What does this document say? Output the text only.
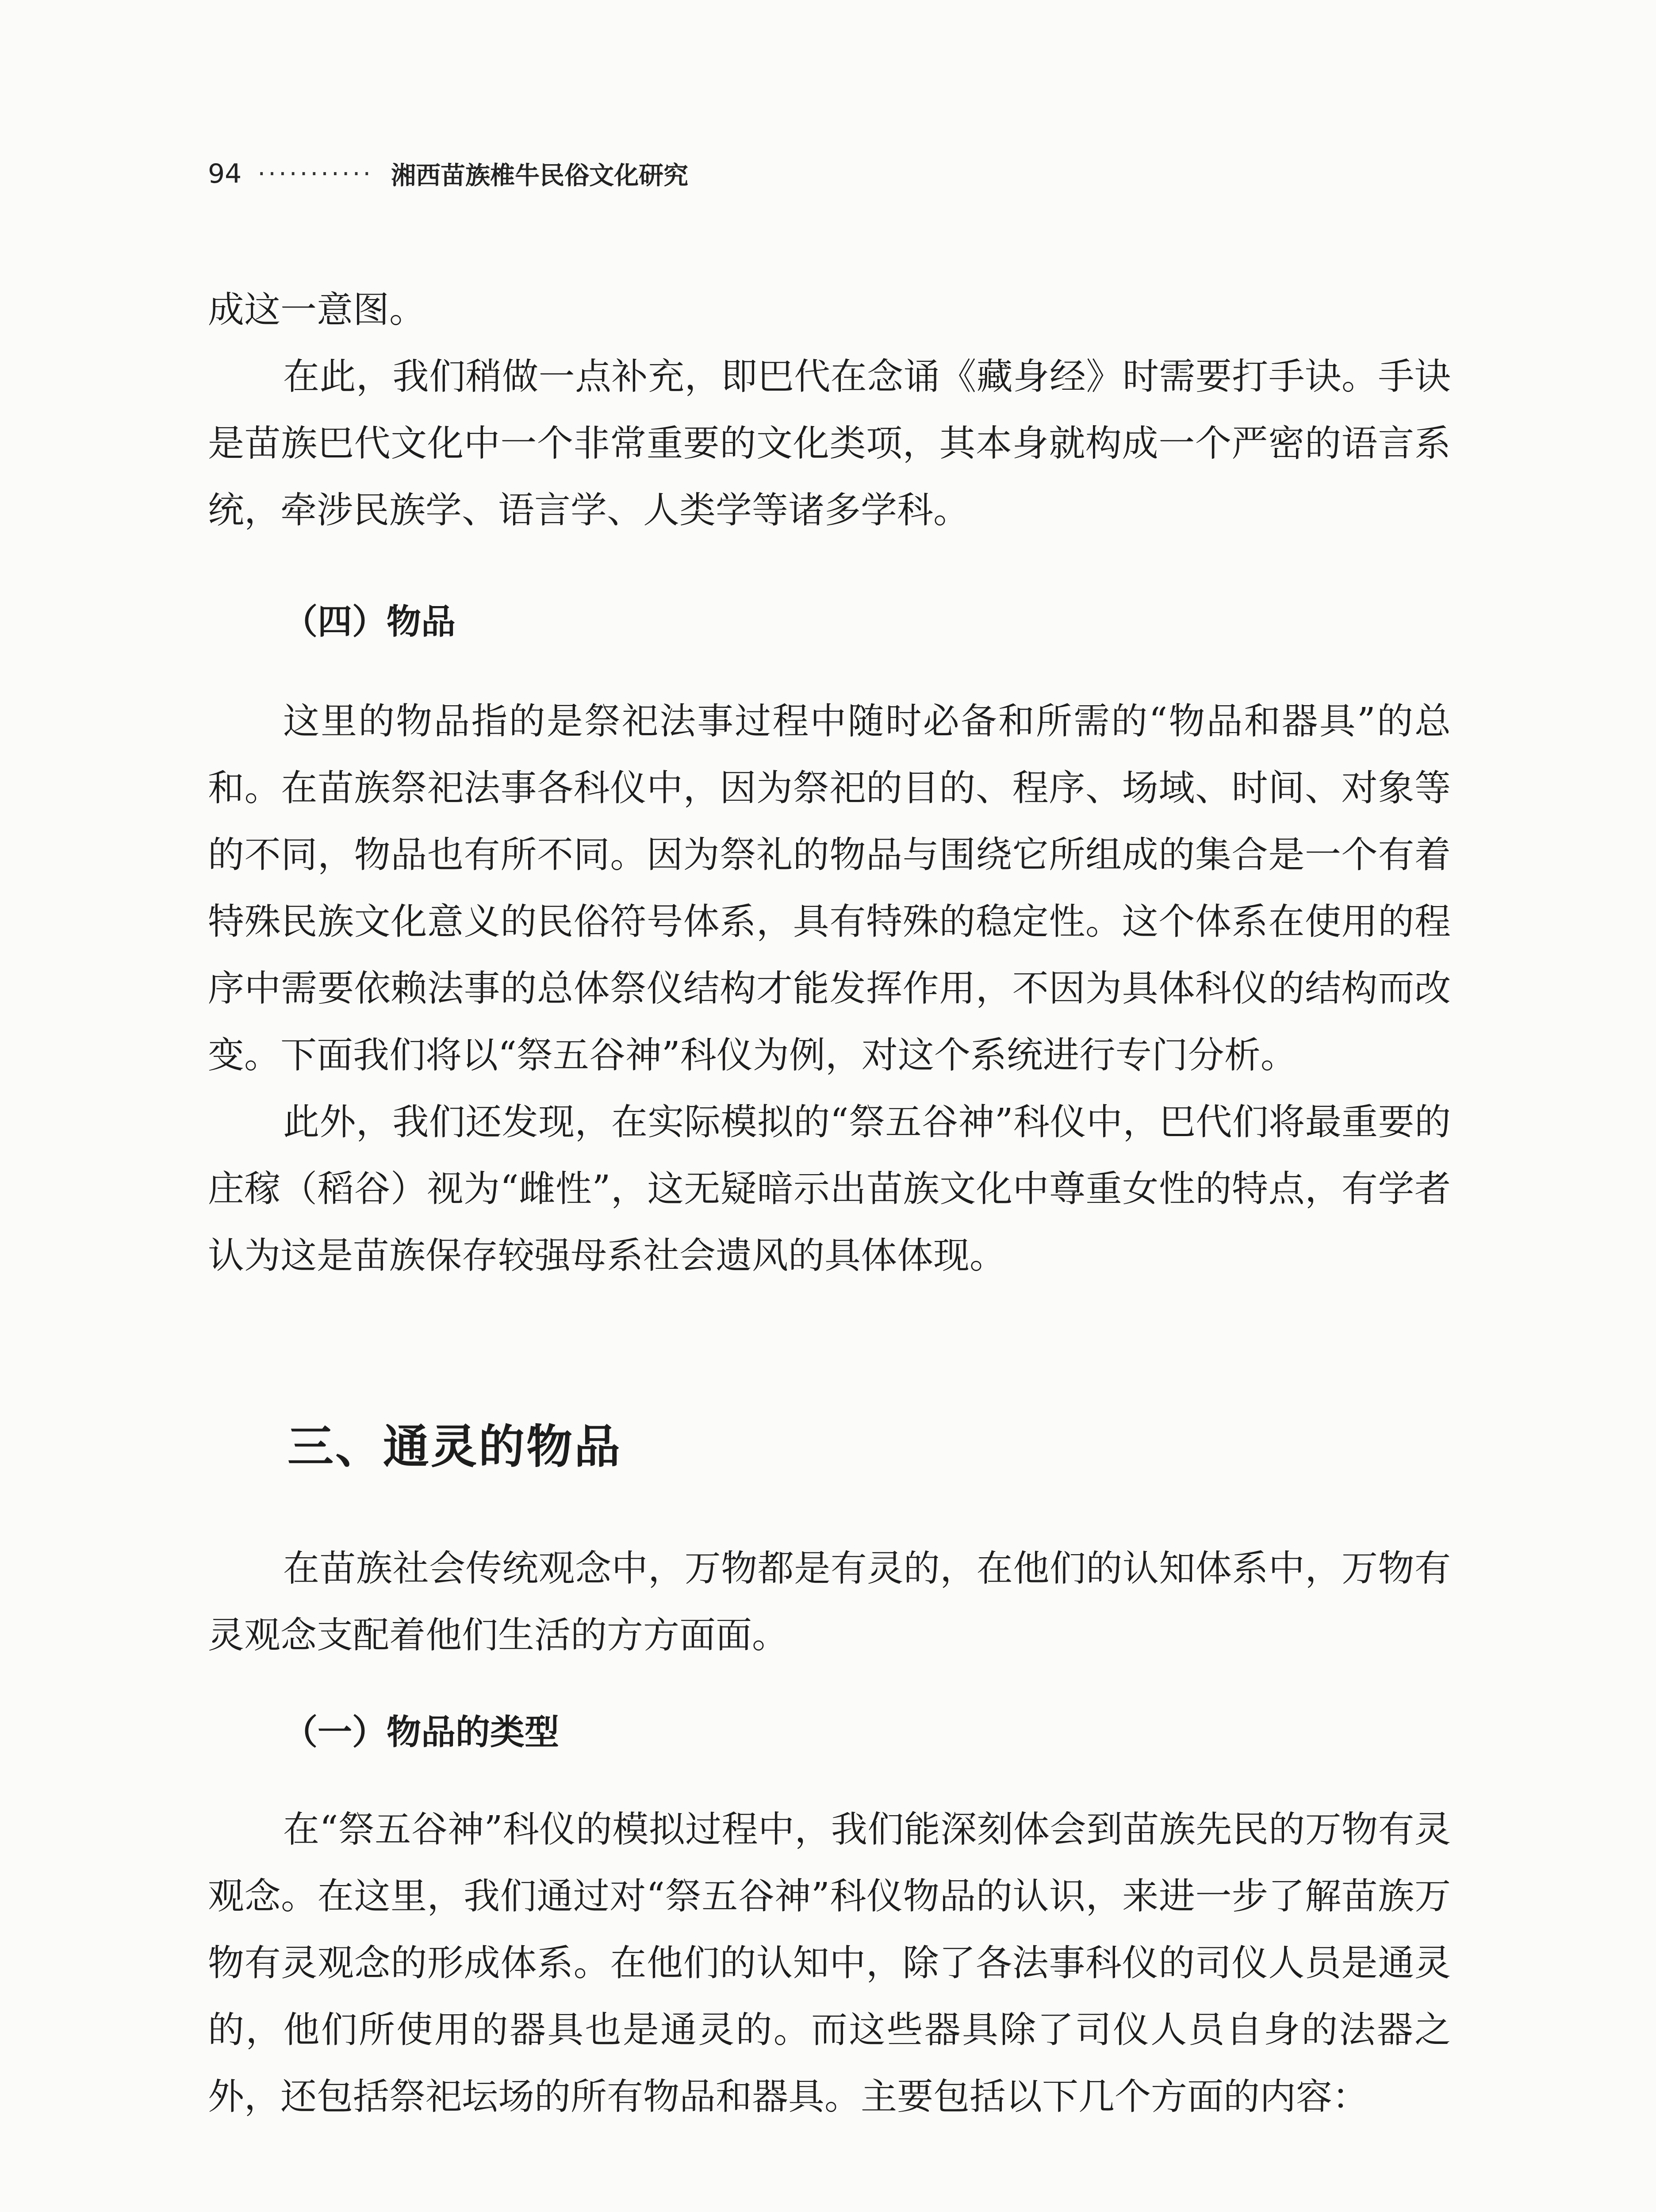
94 ··········· 湘西苗族椎牛民俗文化研究

成这一意图。

在此，我们稍做一点补充，即巴代在念诵《藏身经》时需要打手诀。手诀是苗族巴代文化中一个非常重要的文化类项，其本身就构成一个严密的语言系统，牵涉民族学、语言学、人类学等诸多学科。

（四）物品

这里的物品指的是祭祀法事过程中随时必备和所需的“物品和器具”的总和。在苗族祭祀法事各科仪中，因为祭祀的目的、程序、场域、时间、对象等的不同，物品也有所不同。因为祭礼的物品与围绕它所组成的集合是一个有着特殊民族文化意义的民俗符号体系，具有特殊的稳定性。这个体系在使用的程序中需要依赖法事的总体祭仪结构才能发挥作用，不因为具体科仪的结构而改变。下面我们将以“祭五谷神”科仪为例，对这个系统进行专门分析。

此外，我们还发现，在实际模拟的“祭五谷神”科仪中，巴代们将最重要的庄稼（稻谷）视为“雌性”，这无疑暗示出苗族文化中尊重女性的特点，有学者认为这是苗族保存较强母系社会遗风的具体体现。

三、通灵的物品

在苗族社会传统观念中，万物都是有灵的，在他们的认知体系中，万物有灵观念支配着他们生活的方方面面。

（一）物品的类型

在“祭五谷神”科仪的模拟过程中，我们能深刻体会到苗族先民的万物有灵观念。在这里，我们通过对“祭五谷神”科仪物品的认识，来进一步了解苗族万物有灵观念的形成体系。在他们的认知中，除了各法事科仪的司仪人员是通灵的，他们所使用的器具也是通灵的。而这些器具除了司仪人员自身的法器之外，还包括祭祀坛场的所有物品和器具。主要包括以下几个方面的内容：
